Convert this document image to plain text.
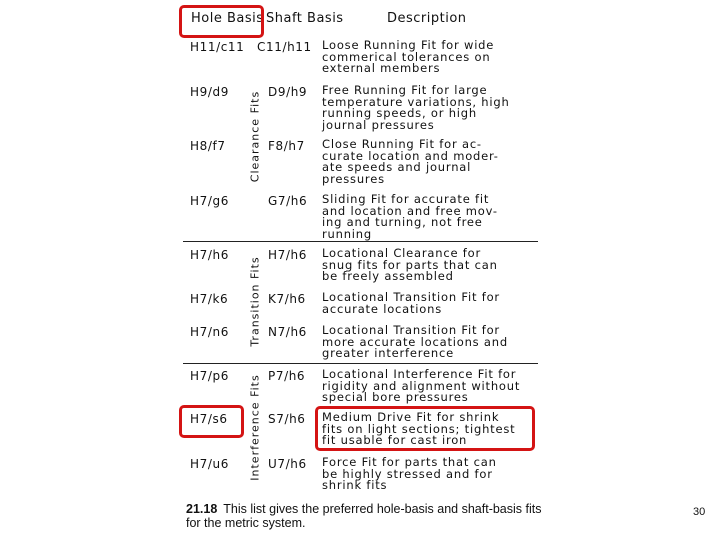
Hole Basis Shaft Basis	Description
Clearance Fits
Transition Fits
Interference Fits
H11/c11 C11/h11 Loose Running Fit for wide
commerical tolerances on
external members
H9/d9	D9/h9 Free Running Fit for large
temperature variations, high
running speeds, or high
journal pressures
H8/f7	F8/h7 Close Running Fit for ac-
curate location and moder-
ate speeds and journal
pressures
H7/g6	G7/h6 Sliding Fit for accurate fit
and location and free mov-
ing and turning, not free
running
H7/h6	H7/h6 Locational Clearance for
snug fits for parts that can
be freely assembled
H7/k6	K7/h6 Locational Transition Fit for
accurate locations
H7/n6	N7/h6 Locational Transition Fit for
more accurate locations and
greater interference
H7/p6	P7/h6 Locational Interference Fit for
rigidity and alignment without
special bore pressures
H7/s6	S7/h6 Medium Drive Fit for shrink
fits on light sections; tightest
fit usable for cast iron
H7/u6	U7/h6 Force Fit for parts that can
be highly stressed and for
shrink fits
21.18 This list gives the preferred hole-basis and shaft-basis fits for the metric system.
30
